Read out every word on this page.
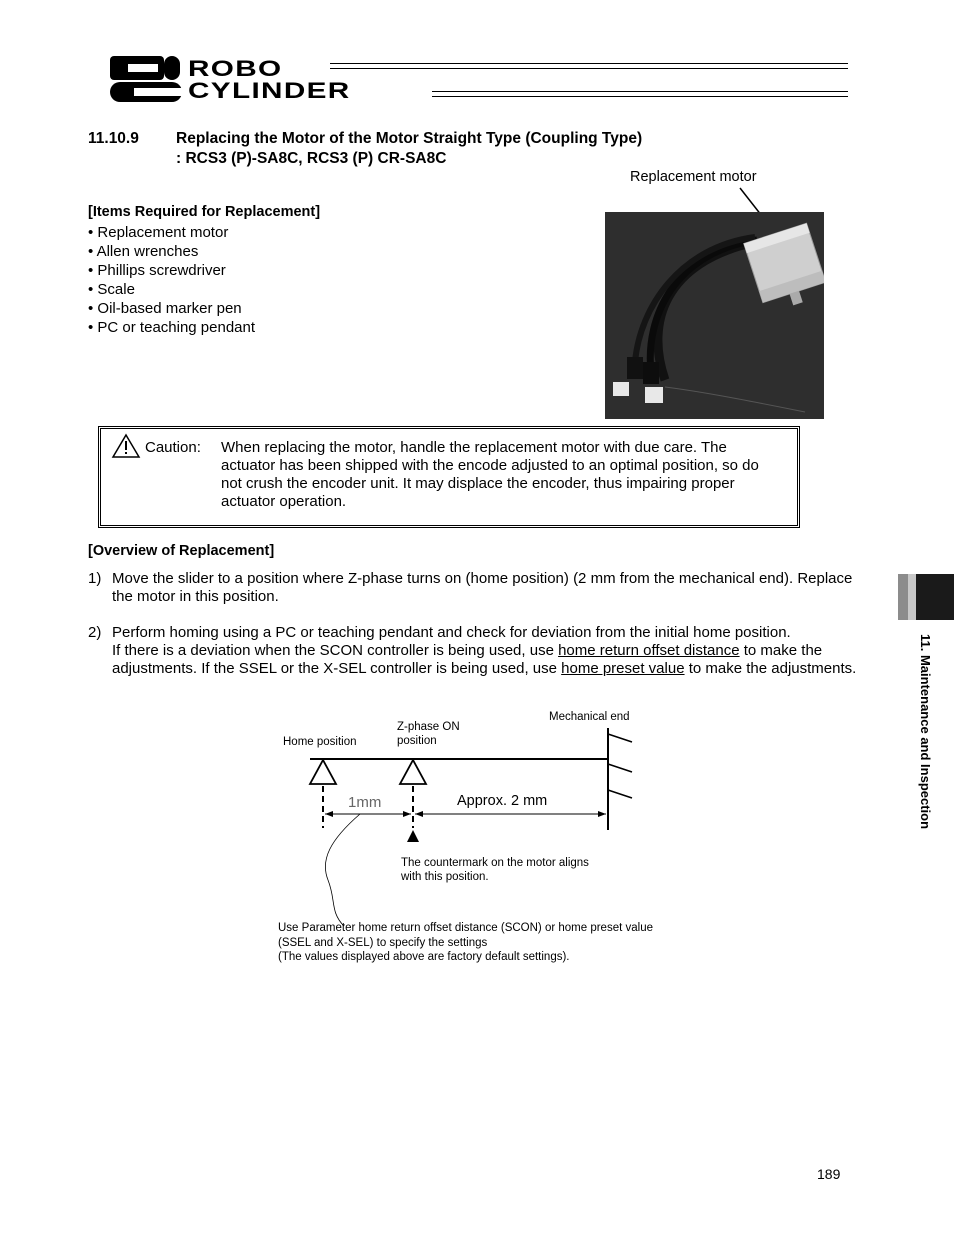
ROBO
CYLINDER
11.10.9 Replacing the Motor of the Motor Straight Type (Coupling Type)
: RCS3 (P)-SA8C, RCS3 (P) CR-SA8C
Replacement motor
[Items Required for Replacement]
• Replacement motor
• Allen wrenches
• Phillips screwdriver
• Scale
• Oil-based marker pen
• PC or teaching pendant
Caution: When replacing the motor, handle the replacement motor with due care. The actuator has been shipped with the encode adjusted to an optimal position, so do not crush the encoder unit. It may displace the encoder, thus impairing proper actuator operation.
[Overview of Replacement]
1) Move the slider to a position where Z-phase turns on (home position) (2 mm from the mechanical end). Replace the motor in this position.
2) Perform homing using a PC or teaching pendant and check for deviation from the initial home position.
If there is a deviation when the SCON controller is being used, use home return offset distance to make the adjustments. If the SSEL or the X-SEL controller is being used, use home preset value to make the adjustments.
Home position
Z-phase ON
position
Mechanical end
1mm	Approx. 2 mm
The countermark on the motor aligns
with this position.
Use Parameter home return offset distance (SCON) or home preset value
(SSEL and X-SEL) to specify the settings
(The values displayed above are factory default settings).
11. Maintenance and Inspection
189
